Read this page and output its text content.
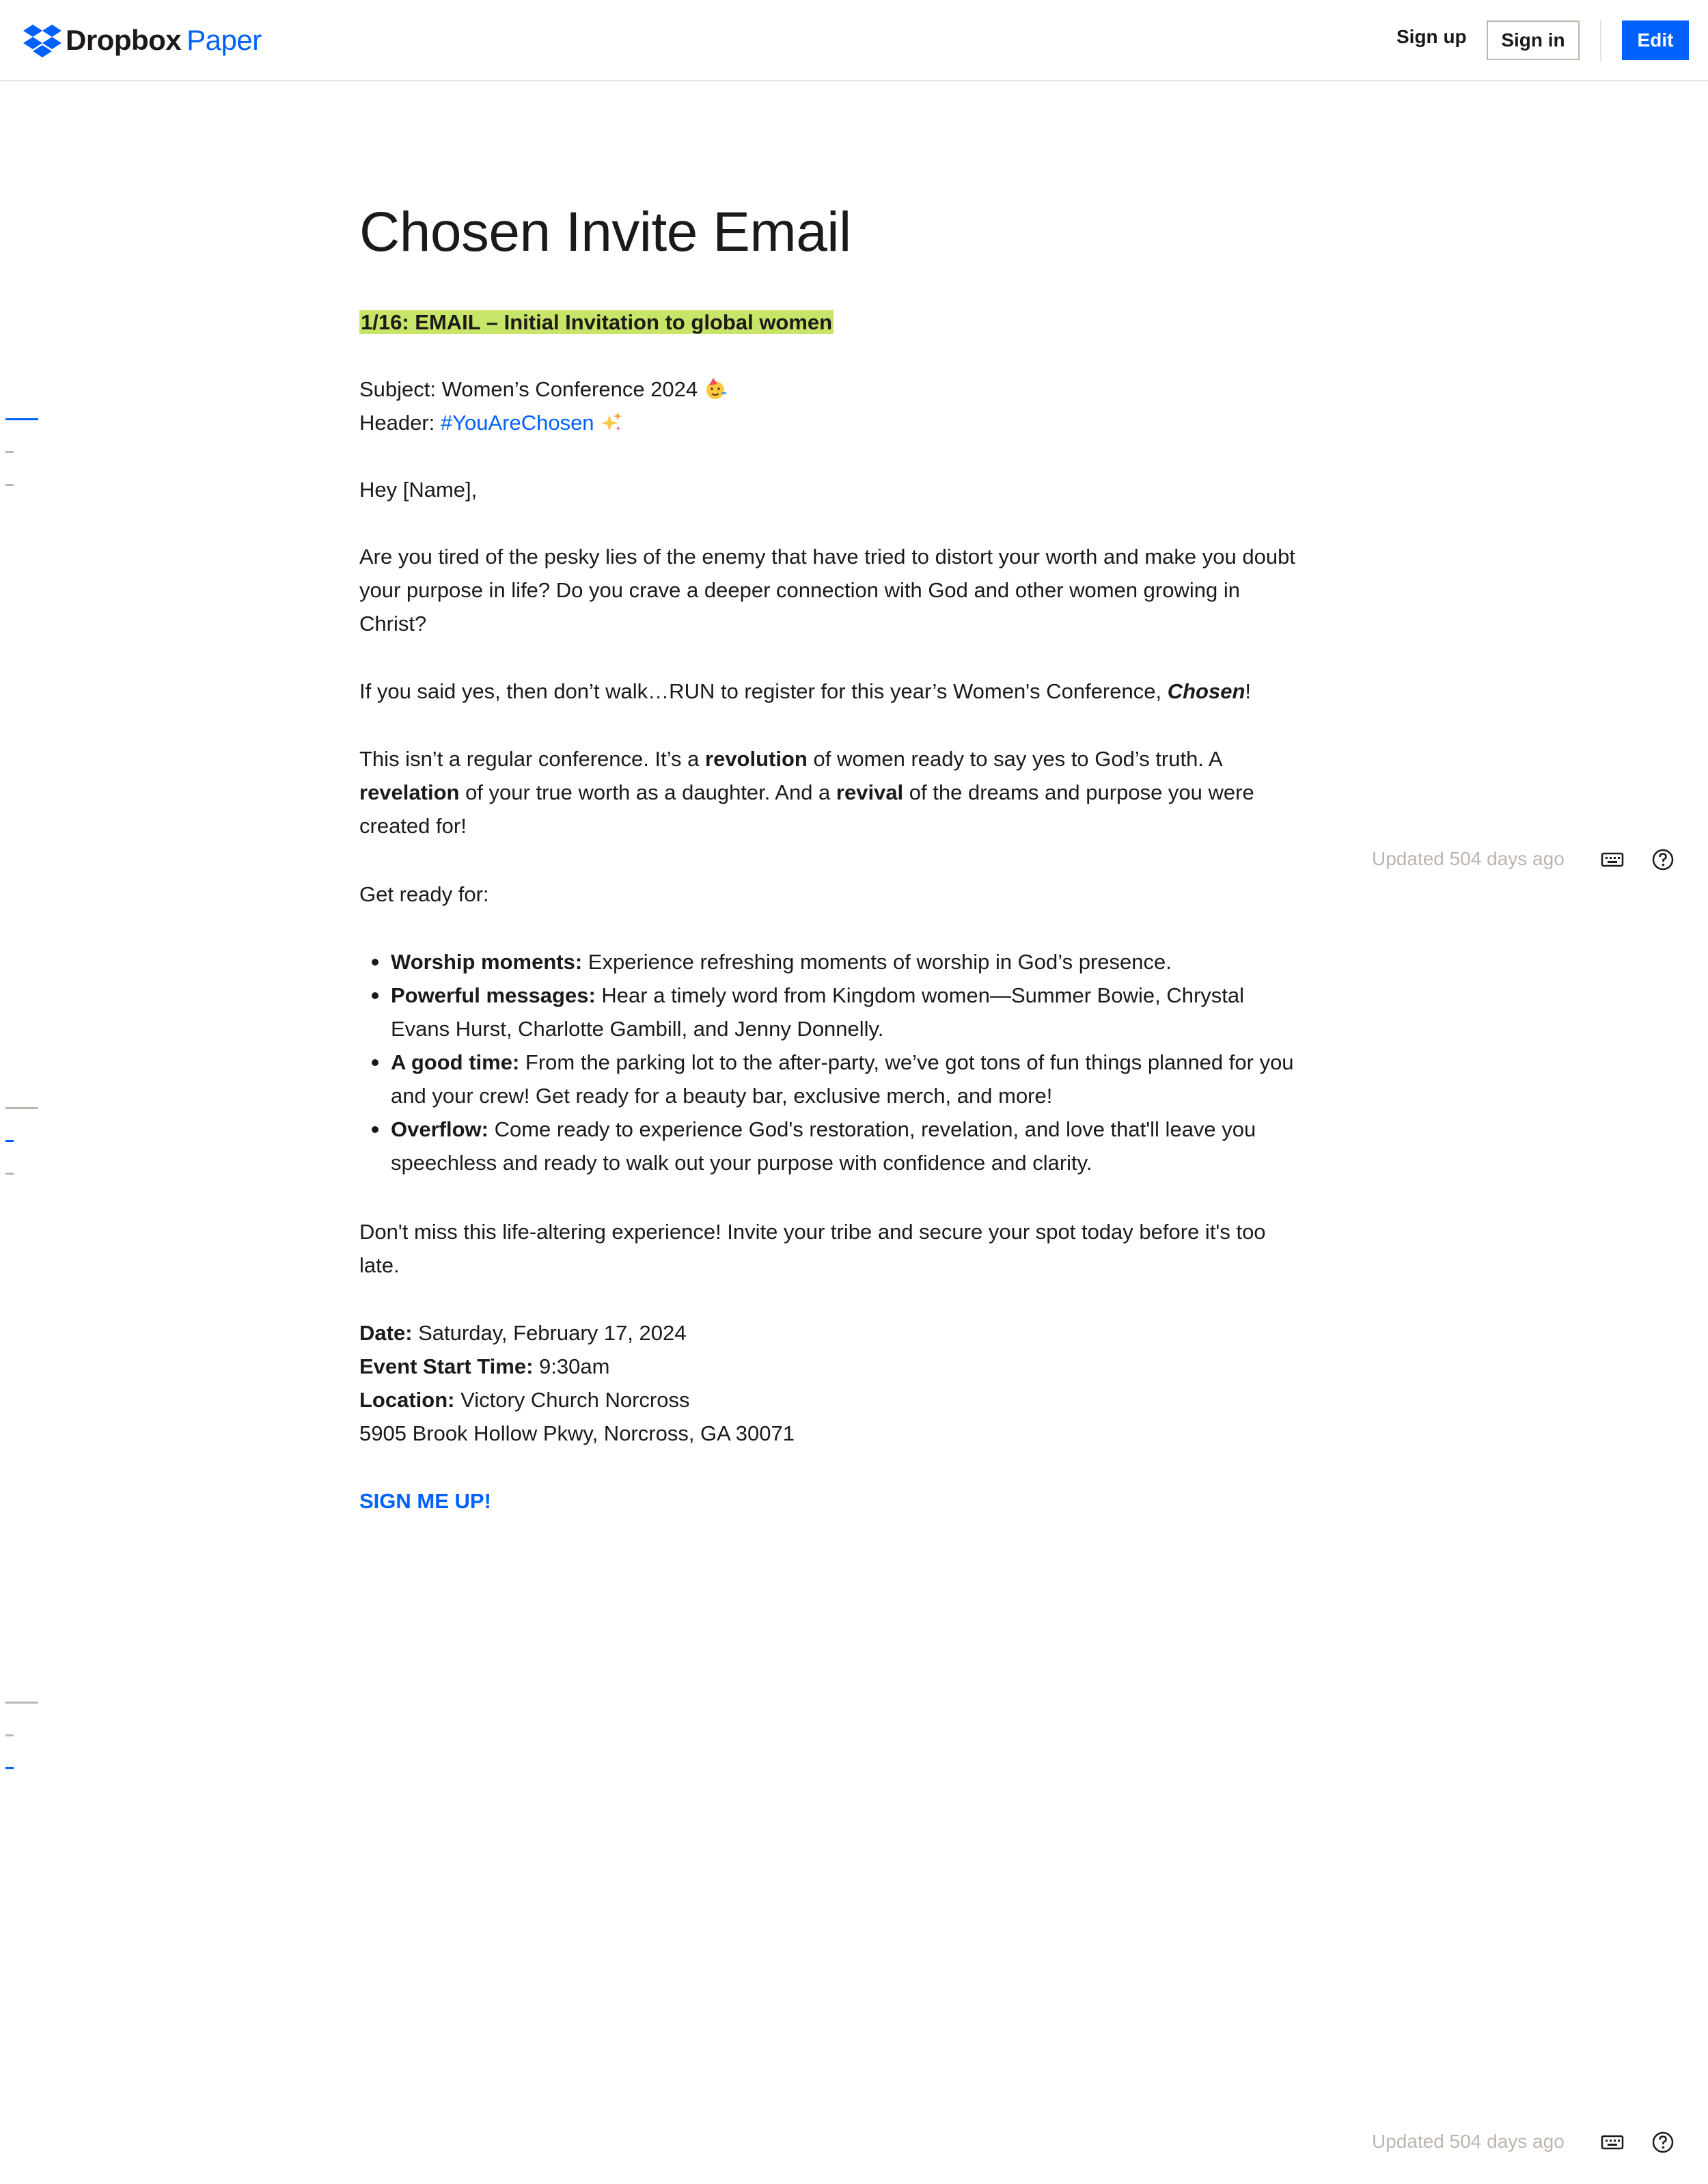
Dropbox Paper	Sign up	Sign in	Edit
Chosen Invite Email

1/16: EMAIL – Initial Invitation to global women

Subject: Women’s Conference 2024

Header: #YouAreChosen

Hey [Name],

Are you tired of the pesky lies of the enemy that have tried to distort your worth and make you doubt your purpose in life? Do you crave a deeper connection with God and other women growing in Christ?

If you said yes, then don’t walk…RUN to register for this year’s Women's Conference, Chosen!

This isn’t a regular conference. It’s a revolution of women ready to say yes to God’s truth. A revelation of your true worth as a daughter. And a revival of the dreams and purpose you were created for!

Get ready for:

Worship moments: Experience refreshing moments of worship in God’s presence.
Powerful messages: Hear a timely word from Kingdom women—Summer Bowie, Chrystal Evans Hurst, Charlotte Gambill, and Jenny Donnelly.
A good time: From the parking lot to the after-party, we’ve got tons of fun things planned for you and your crew! Get ready for a beauty bar, exclusive merch, and more!
Overflow: Come ready to experience God's restoration, revelation, and love that'll leave you speechless and ready to walk out your purpose with confidence and clarity.

Don't miss this life-altering experience! Invite your tribe and secure your spot today before it's too late.

Date: Saturday, February 17, 2024

Event Start Time: 9:30am

Location: Victory Church Norcross

5905 Brook Hollow Pkwy, Norcross, GA 30071

SIGN ME UP!
Updated 504 days ago
Updated 504 days ago
